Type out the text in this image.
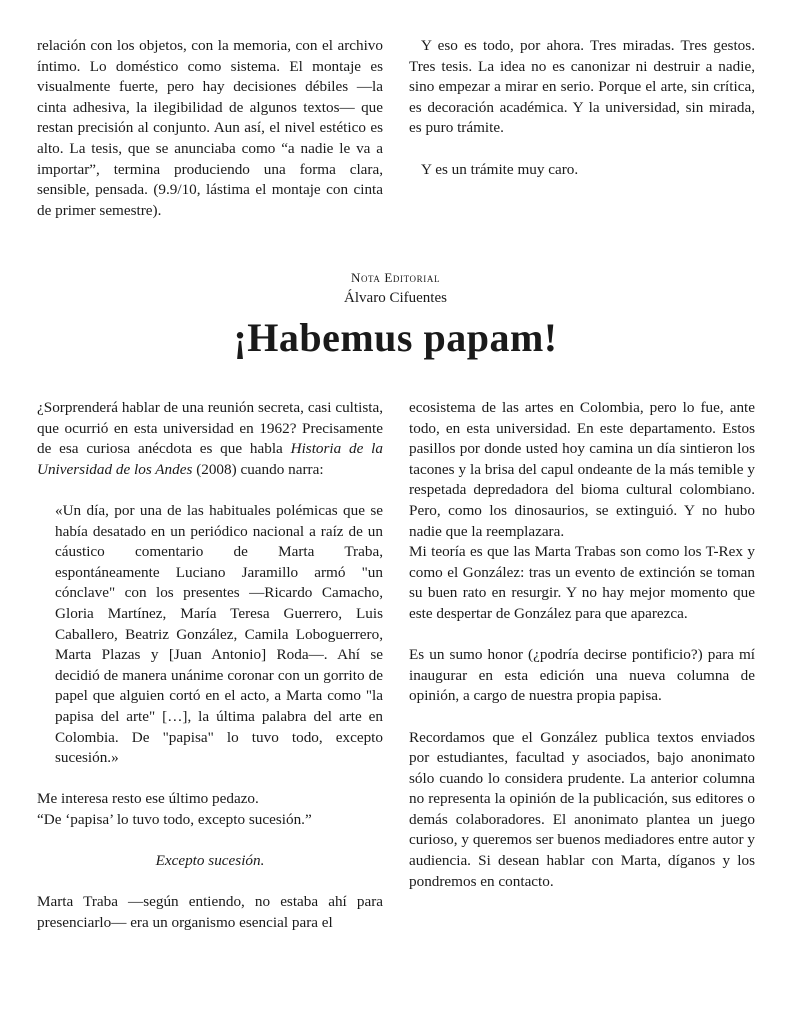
relación con los objetos, con la memoria, con el archivo íntimo. Lo doméstico como sistema. El montaje es visualmente fuerte, pero hay decisiones débiles —la cinta adhesiva, la ilegibilidad de algunos textos— que restan precisión al conjunto. Aun así, el nivel estético es alto. La tesis, que se anunciaba como “a nadie le va a importar”, termina produciendo una forma clara, sensible, pensada. (9.9/10, lástima el montaje con cinta de primer semestre).

Y eso es todo, por ahora. Tres miradas. Tres gestos. Tres tesis. La idea no es canonizar ni destruir a nadie, sino empezar a mirar en serio. Porque el arte, sin crítica, es decoración académica. Y la universidad, sin mirada, es puro trámite.

Y es un trámite muy caro.

Nota Editorial
Álvaro Cifuentes
¡Habemus papam!

¿Sorprenderá hablar de una reunión secreta, casi cultista, que ocurrió en esta universidad en 1962? Precisamente de esa curiosa anécdota es que habla Historia de la Universidad de los Andes (2008) cuando narra:

«Un día, por una de las habituales polémicas que se había desatado en un periódico nacional a raíz de un cáustico comentario de Marta Traba, espontáneamente Luciano Jaramillo armó "un cónclave" con los presentes —Ricardo Camacho, Gloria Martínez, María Teresa Guerrero, Luis Caballero, Beatriz González, Camila Loboguerrero, Marta Plazas y [Juan Antonio] Roda—. Ahí se decidió de manera unánime coronar con un gorrito de papel que alguien cortó en el acto, a Marta como "la papisa del arte" […], la última palabra del arte en Colombia. De "papisa" lo tuvo todo, excepto sucesión.»

Me interesa resto ese último pedazo.

“De ‘papisa’ lo tuvo todo, excepto sucesión.”

Excepto sucesión.

Marta Traba —según entiendo, no estaba ahí para presenciarlo— era un organismo esencial para el

ecosistema de las artes en Colombia, pero lo fue, ante todo, en esta universidad. En este departamento. Estos pasillos por donde usted hoy camina un día sintieron los tacones y la brisa del capul ondeante de la más temible y respetada depredadora del bioma cultural colombiano. Pero, como los dinosaurios, se extinguió. Y no hubo nadie que la reemplazara.

Mi teoría es que las Marta Trabas son como los T-Rex y como el González: tras un evento de extinción se toman su buen rato en resurgir. Y no hay mejor momento que este despertar de González para que aparezca.

Es un sumo honor (¿podría decirse pontificio?) para mí inaugurar en esta edición una nueva columna de opinión, a cargo de nuestra propia papisa.

Recordamos que el González publica textos enviados por estudiantes, facultad y asociados, bajo anonimato sólo cuando lo considera prudente. La anterior columna no representa la opinión de la publicación, sus editores o demás colaboradores. El anonimato plantea un juego curioso, y queremos ser buenos mediadores entre autor y audiencia. Si desean hablar con Marta, díganos y los pondremos en contacto.
